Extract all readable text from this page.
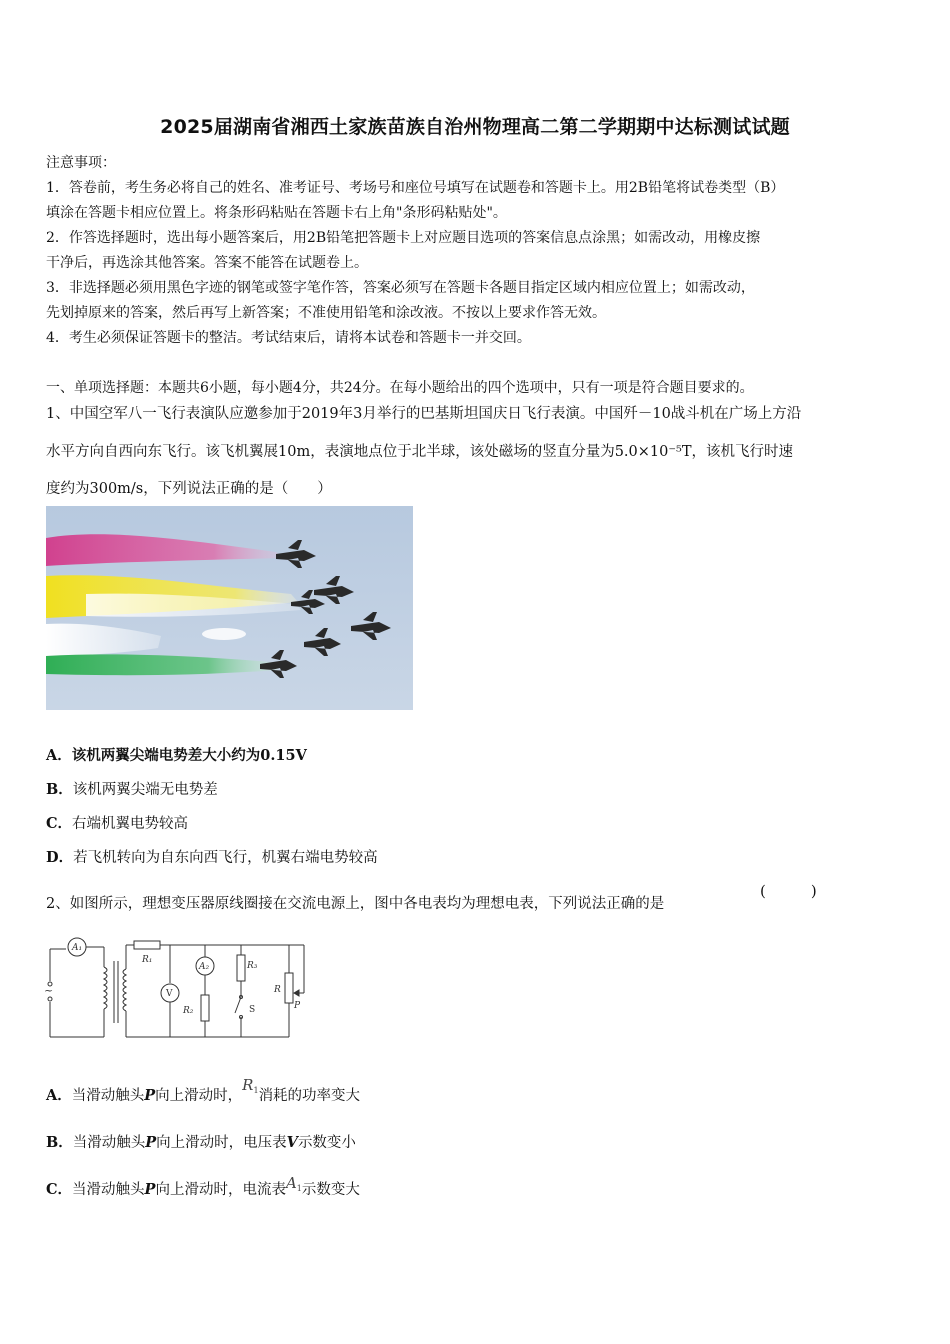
2025届湖南省湘西土家族苗族自治州物理高二第二学期期中达标测试试题
注意事项：
1．答卷前，考生务必将自己的姓名、准考证号、考场号和座位号填写在试题卷和答题卡上。用2B铅笔将试卷类型（B）
填涂在答题卡相应位置上。将条形码粘贴在答题卡右上角"条形码粘贴处"。
2．作答选择题时，选出每小题答案后，用2B铅笔把答题卡上对应题目选项的答案信息点涂黑；如需改动，用橡皮擦
干净后，再选涂其他答案。答案不能答在试题卷上。
3．非选择题必须用黑色字迹的钢笔或签字笔作答，答案必须写在答题卡各题目指定区域内相应位置上；如需改动，
先划掉原来的答案，然后再写上新答案；不准使用铅笔和涂改液。不按以上要求作答无效。
4．考生必须保证答题卡的整洁。考试结束后，请将本试卷和答题卡一并交回。
一、单项选择题：本题共6小题，每小题4分，共24分。在每小题给出的四个选项中，只有一项是符合题目要求的。
1、中国空军八一飞行表演队应邀参加于2019年3月举行的巴基斯坦国庆日飞行表演。中国歼－10战斗机在广场上方沿
水平方向自西向东飞行。该飞机翼展10m，表演地点位于北半球，该处磁场的竖直分量为5.0×10⁻⁵T，该机飞行时速
度约为300m/s，下列说法正确的是（　　）
A．该机两翼尖端电势差大小约为0.15V
B．该机两翼尖端无电势差
C．右端机翼电势较高
D．若飞机转向为自东向西飞行，机翼右端电势较高
2、如图所示，理想变压器原线圈接在交流电源上，图中各电表均为理想电表，下列说法正确的是
(　　　)
A₁
~
R₁
V
A₂
R₂
R₃
S
R
P
A．当滑动触头P向上滑动时，$R_1$消耗的功率变大
B．当滑动触头P向上滑动时，电压表V示数变小
C．当滑动触头P向上滑动时，电流表$A_1$示数变大
